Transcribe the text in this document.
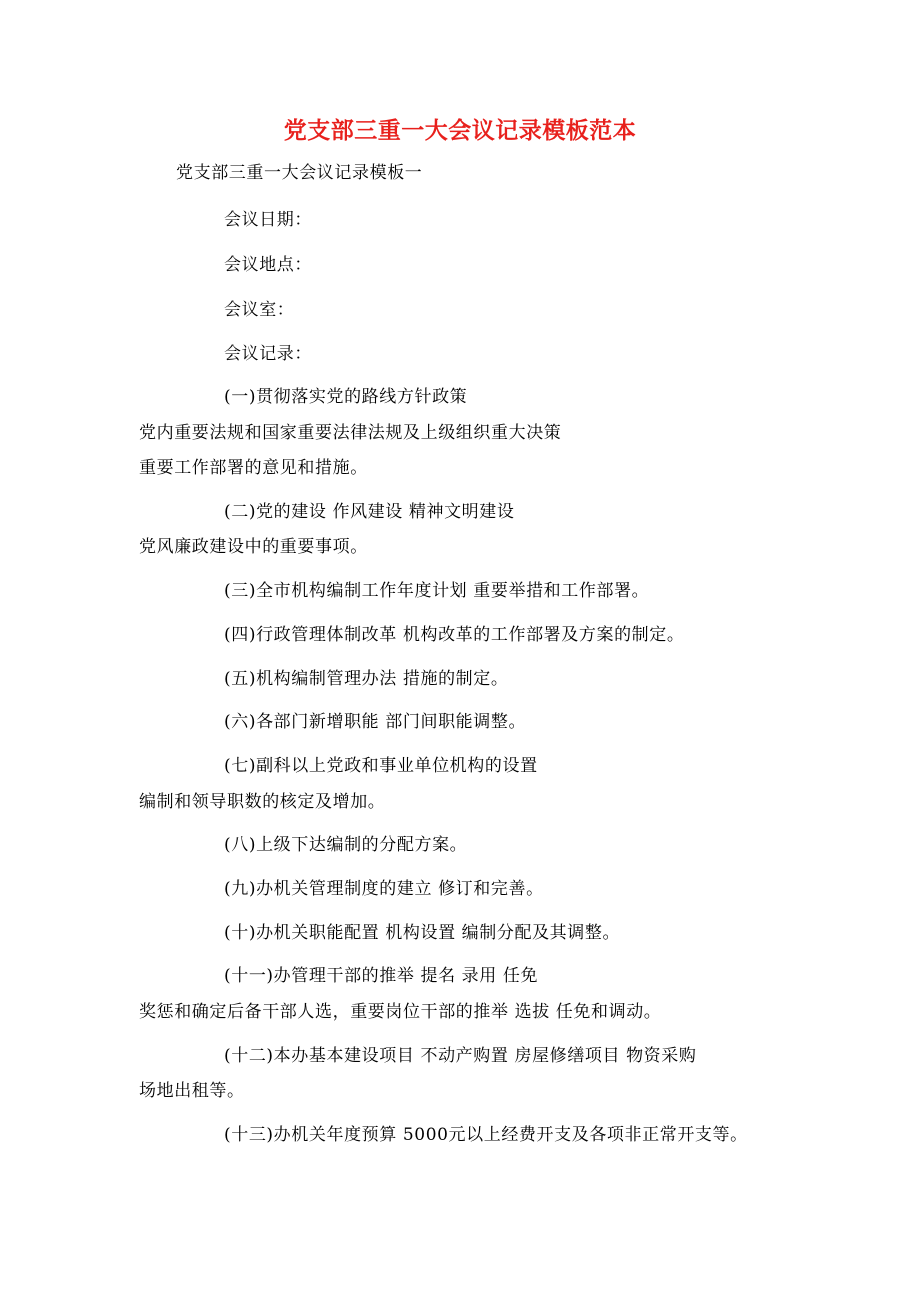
党支部三重一大会议记录模板范本
党支部三重一大会议记录模板一
会议日期：
会议地点：
会议室：
会议记录：
(一)贯彻落实党的路线方针政策
党内重要法规和国家重要法律法规及上级组织重大决策
重要工作部署的意见和措施。
(二)党的建设 作风建设 精神文明建设
党风廉政建设中的重要事项。
(三)全市机构编制工作年度计划 重要举措和工作部署。
(四)行政管理体制改革 机构改革的工作部署及方案的制定。
(五)机构编制管理办法 措施的制定。
(六)各部门新增职能 部门间职能调整。
(七)副科以上党政和事业单位机构的设置
编制和领导职数的核定及增加。
(八)上级下达编制的分配方案。
(九)办机关管理制度的建立 修订和完善。
(十)办机关职能配置 机构设置 编制分配及其调整。
(十一)办管理干部的推举 提名 录用 任免
奖惩和确定后备干部人选，重要岗位干部的推举 选拔 任免和调动。
(十二)本办基本建设项目 不动产购置 房屋修缮项目 物资采购
场地出租等。
(十三)办机关年度预算 5000元以上经费开支及各项非正常开支等。
